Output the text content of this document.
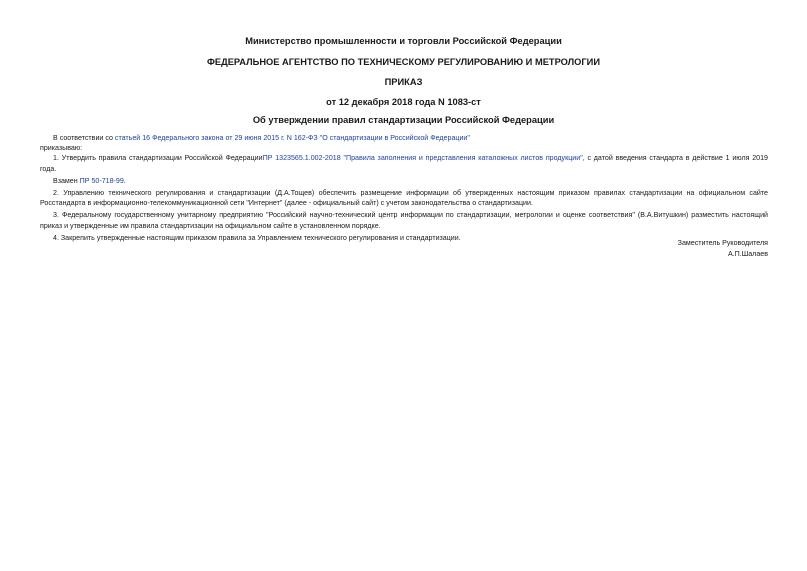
Министерство промышленности и торговли Российской Федерации
ФЕДЕРАЛЬНОЕ АГЕНТСТВО ПО ТЕХНИЧЕСКОМУ РЕГУЛИРОВАНИЮ И МЕТРОЛОГИИ
ПРИКАЗ
от 12 декабря 2018 года N 1083-ст
Об утверждении правил стандартизации Российской Федерации

В соответствии со статьей 16 Федерального закона от 29 июня 2015 г. N 162-ФЗ "О стандартизации в Российской Федерации"

приказываю:

1. Утвердить правила стандартизации Российской ФедерацииПР 1323565.1.002-2018 "Правила заполнения и представления каталожных листов продукции", с датой введения стандарта в действие 1 июля 2019 года.

Взамен ПР 50-718-99.

2. Управлению технического регулирования и стандартизации (Д.А.Тощев) обеспечить размещение информации об утвержденных настоящим приказом правилах стандартизации на официальном сайте Росстандарта в информационно-телекоммуникационной сети "Интернет" (далее - официальный сайт) с учетом законодательства о стандартизации.

3. Федеральному государственному унитарному предприятию "Российский научно-технический центр информации по стандартизации, метрологии и оценке соответствия" (В.А.Витушкин) разместить настоящий приказ и утвержденные им правила стандартизации на официальном сайте в установленном порядке.

4. Закрепить утвержденные настоящим приказом правила за Управлением технического регулирования и стандартизации.

Заместитель Руководителя
А.П.Шалаев
